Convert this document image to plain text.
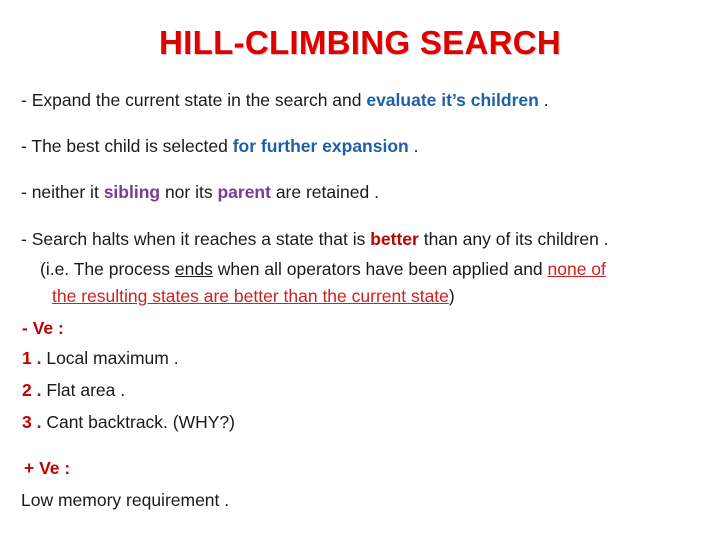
HILL-CLIMBING SEARCH
- Expand the current state in the search and evaluate it’s children .
- The best child is selected for further expansion .
- neither it sibling nor its parent are retained .
- Search halts when it reaches a state that is better than any of its children .
(i.e. The process ends when all operators have been applied and none of
the resulting states are better than the current state)
- Ve :
1 . Local maximum .
2 . Flat area .
3 . Cant backtrack. (WHY?)
+ Ve :
Low memory requirement .
